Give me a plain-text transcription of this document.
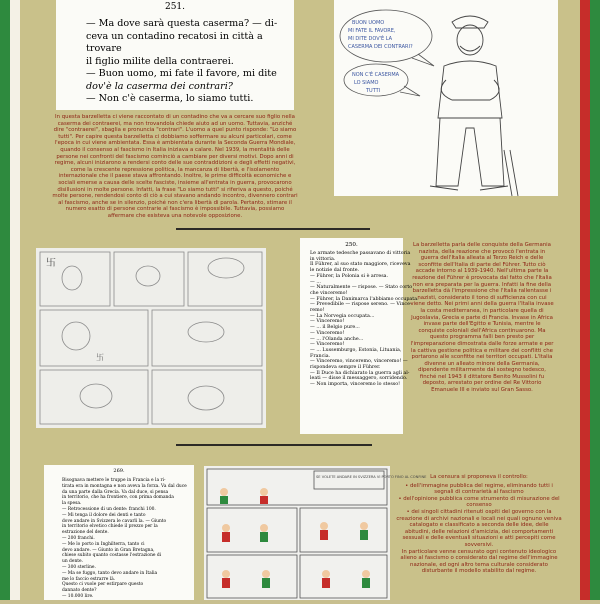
251.

— Ma dove sarà questa caserma? — di-

ceva un contadino recatosi in città a trovare

il figlio milite della contraerei.

— Buon uomo, mi fate il favore, mi dite

dov'è la caserma dei contrari?

— Non c'è caserma, lo siamo tutti.

BUON UOMO
MI FATE IL FAVORE,
MI DITE DOV'È LA
CASERMA DEI CONTRARI?
NON C'È CASERMA
LO SIAMO
TUTTI
In questa barzelletta ci viene raccontato di un contadino che va a cercare suo figlio nella caserma dei contraerei, ma non trovandola chiede aiuto ad un uomo. Tuttavia, anziché dire "contraerei", sbaglia e pronuncia "contrari". L'uomo a quel punto risponde: "Lo siamo tutti". Per capire questa barzelletta ci dobbiamo soffermare su alcuni particolari, come l'epoca in cui viene ambientata. Essa è ambientata durante la Seconda Guerra Mondiale, quando il consenso al fascismo in Italia iniziava a calare. Nel 1939, la mentalità delle persone nei confronti del fascismo cominciò a cambiare per diversi motivi. Dopo anni di regime, alcuni iniziarono a rendersi conto delle sue contraddizioni e degli effetti negativi, come la crescente repressione politica, la mancanza di libertà, e l'isolamento internazionale che il paese stava affrontando. Inoltre, le prime difficoltà economiche e sociali emerse a causa delle scelte fasciste, insieme all'entrata in guerra, provocarono disillusioni in molte persone. Infatti, la frase "Lo siamo tutti" si riferiva a questo, poiché molte persone, rendendosi conto di ciò a cui stavano andando incontro, divennero contrari al fascismo, anche se in silenzio, poiché non c'era libertà di parola. Pertanto, stimare il numero esatto di persone contrarie al fascismo è impossibile. Tuttavia, possiamo affermare che esisteva una notevole opposizione.
卐
卐
250.
Le armate tedesche passavano di vittoria
in vittoria.
Il Führer, al suo stato maggiore, riceveva
le notizie dal fronte.
— Führer, la Polonia si è arresa.
— ...
— Naturalmente — rispose. — Stato corto
che vinceremo!
— Führer, la Danimarca l'abbiamo occupata.
— Prevedibile — rispose sereno. — Vince-
remo!
— La Norvegia occupata...
— Vinceremo!
— ... il Belgio pure...
— Vinceremo!
— ... l'Olanda anche...
— Vinceremo!
— ... Lussemburgo, Estonia, Lituania,
Francia.
— Vinceremo, vinceremo, vinceremo! —
rispondeva sempre il Führer.
— Il Duce ha dichiarato la guerra agli al-
leati — disse il messaggero, sorridendo.
— Non importa, vinceremo lo stesso!
La barzelletta parla delle conquiste della Germania nazista, della reazione che provocò l'entrata in guerra dell'Italia alleata al Terzo Reich e delle sconfitte dell'Italia di parte del Führer. Tutto ciò accade intorno al 1939-1940. Nell'ultima parte la reazione del Führer è provocata dal fatto che l'Italia non era preparata per la guerra. Infatti la fine della barzelletta dà l'impressione che l'Italia rallentasse i nazisti, considerato il tono di sufficienza con cui viene detto. Nei primi anni della guerra l'Italia invase la costa mediterranea, in particolare quella di Jugoslavia, Grecia e parte di Francia. Invase in Africa invase parte dell'Egitto e Tunisia, mentre le conquiste coloniali dell'Africa continuarono. Ma questo programma falli ben presto per l'impreparazione dimostrata dalle forze armate e per la cattiva gestione politica e militare dei conflitti che portarono alle sconfitte nei territori occupati. L'Italia divenne un alleato minore della Germania, dipendente militarmente dal sostegno tedesco, finché nel 1943 il dittatore Benito Mussolini fu deposto, arrestato per ordine del Re Vittorio Emanuele III e inviato sul Gran Sasso.
269.
Bisognava mettere le truppe in Francia e la ri-
tirata era in montagna e non aveva la forza. Va dal duce
da una parte dalla Grecia. Va dal duce, si pensa
in territorio, che ha frontiere, con prima domanda
la spesa.
— Retrocessione di un dente: franchi 100.
— Mi tenga il dolore dei denti e tanto
dove andare in Svizzera le cavarli la. — Giunto
in territorio elvetico chiede il prezzo per la
estrazione del dente.
— 200 franchi.
— Me lo porto in Inghilterra, tanto ci
devo andare. — Giunto in Gran Bretagna,
chiese subito quanto costasse l'estrazione di
un dente.
— 300 sterline.
— Ma se fuggo, tanto devo andare in Italia
me lo faccio estrarre là.
Questo ci vuole per estirpare questo
dannato dente?
— 10.000 lire.
SE VOLETE ANDARE IN SVIZZERA VI PORTO FINO AL CONFINE La censura si proponeva il controllo:
• dell'immagine pubblica del regime, eliminando tutti i segnali di contrarietà al fascismo
• dell'opinione pubblica come strumento di misurazione del consenso
• dei singoli cittadini ritenuti ospiti del governo con la creazione di archivi nazionali e locali nei quali ognuno veniva catalogato e classificato a seconda delle idee, delle abitudini, delle relazioni d'amicizia, dei comportamenti sessuali e delle eventuali situazioni e atti percepiti come sovversivi.
In particolare venne censurato ogni contenuto ideologico alieno al fascismo o considerato dal regime dell'immagine nazionale, ed ogni altro tema culturale considerato disturbante il modello stabilito dal regime.
